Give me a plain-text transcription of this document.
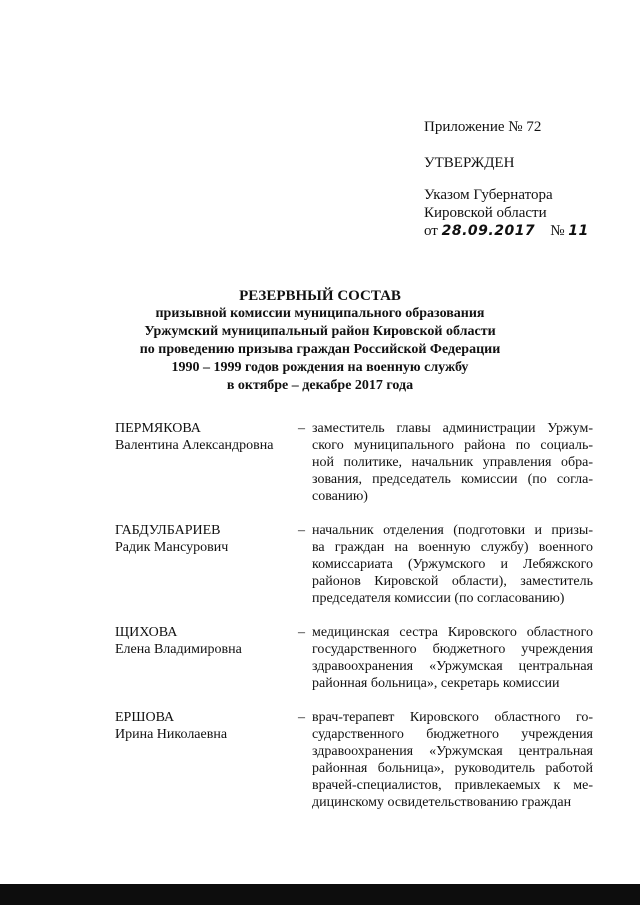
Приложение № 72
УТВЕРЖДЕН
Указом Губернатора
Кировской области
от 28.09.2017 № 11
РЕЗЕРВНЫЙ СОСТАВ
призывной комиссии муниципального образования
Уржумский муниципальный район Кировской области
по проведению призыва граждан Российской Федерации
1990 – 1999 годов рождения на военную службу
в октябре – декабре 2017 года
ПЕРМЯКОВА
Валентина Александровна
– заместитель главы администрации Уржум-
ского муниципального района по социаль-
ной политике, начальник управления обра-
зования, председатель комиссии (по согла-
сованию)
ГАБДУЛБАРИЕВ
Радик Мансурович
– начальник отделения (подготовки и призы-
ва граждан на военную службу) военного
комиссариата (Уржумского и Лебяжского
районов Кировской области), заместитель
председателя комиссии (по согласованию)
ЩИХОВА
Елена Владимировна
– медицинская сестра Кировского областного
государственного бюджетного учреждения
здравоохранения «Уржумская центральная
районная больница», секретарь комиссии
ЕРШОВА
Ирина Николаевна
– врач-терапевт Кировского областного го-
сударственного бюджетного учреждения
здравоохранения «Уржумская центральная
районная больница», руководитель работой
врачей-специалистов, привлекаемых к ме-
дицинскому освидетельствованию граждан
